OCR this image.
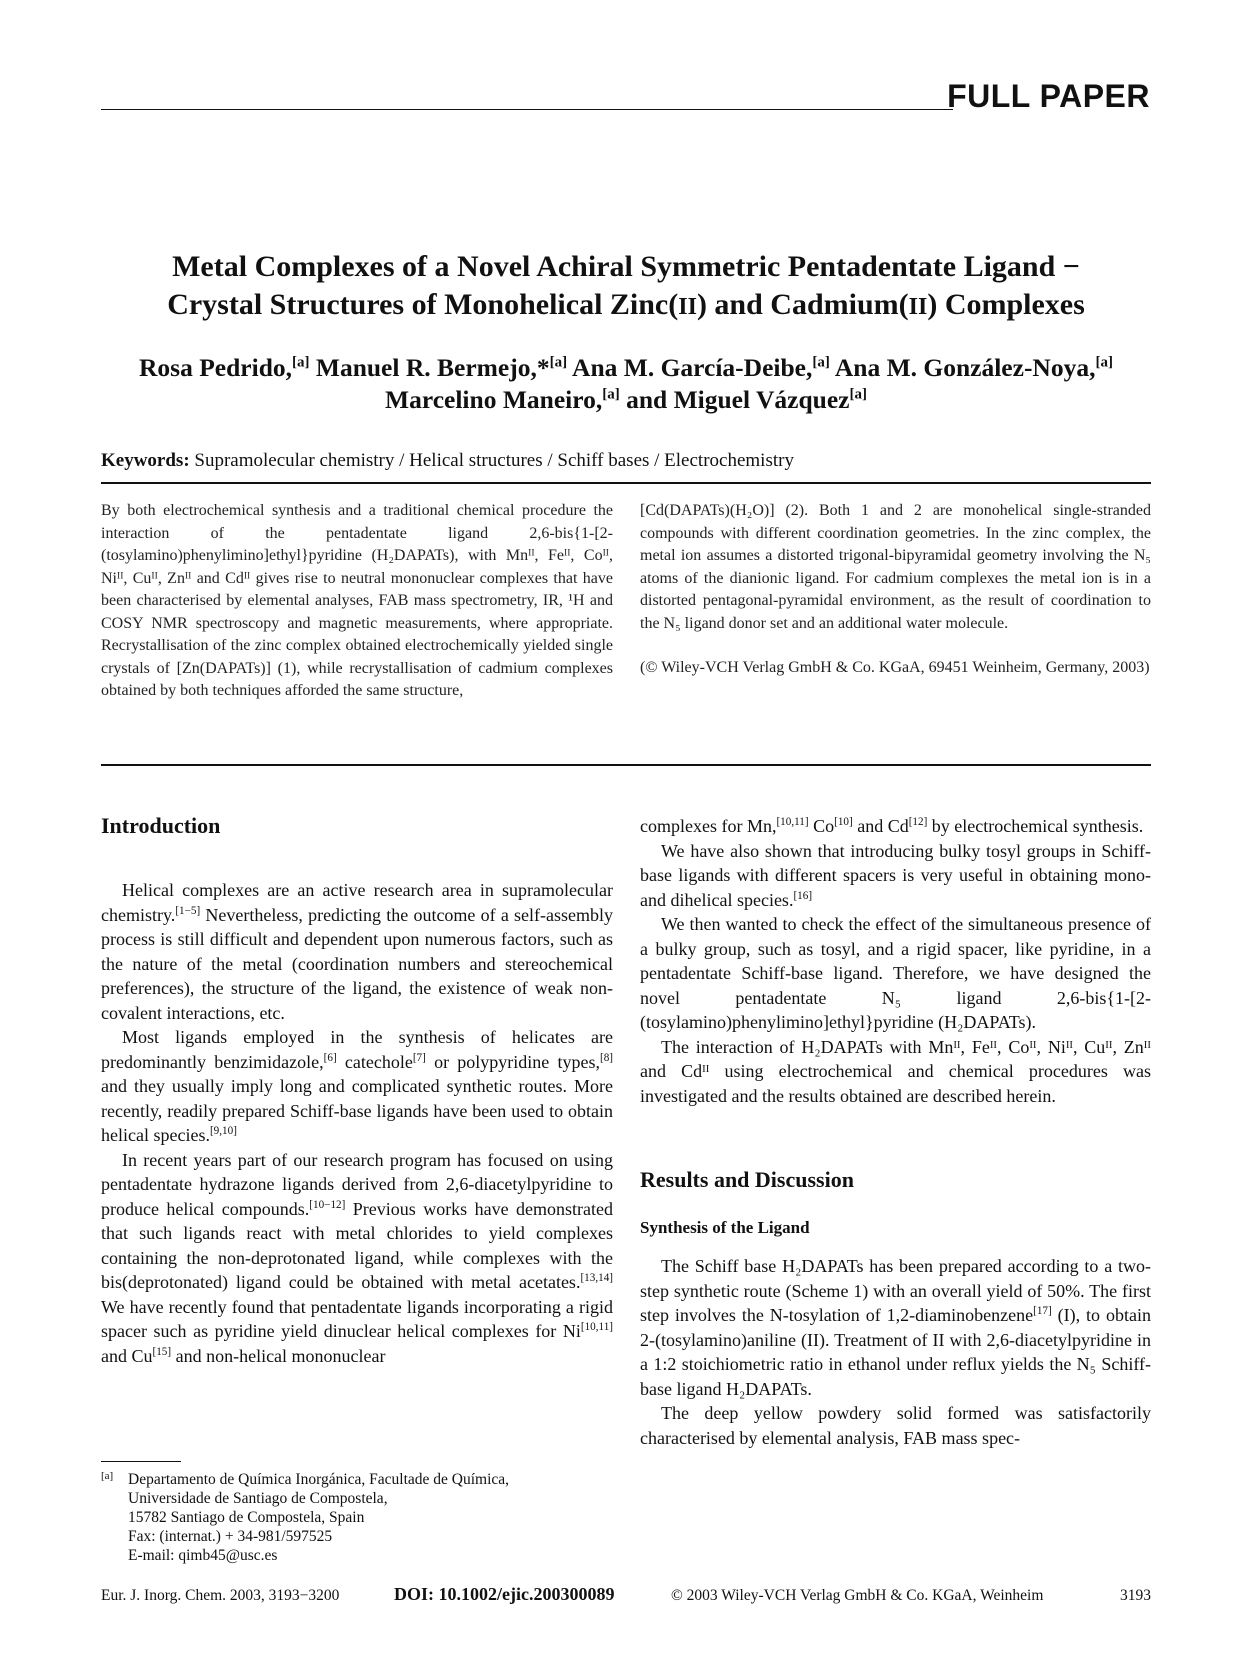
FULL PAPER
Metal Complexes of a Novel Achiral Symmetric Pentadentate Ligand −
Crystal Structures of Monohelical Zinc(II) and Cadmium(II) Complexes
Rosa Pedrido,[a] Manuel R. Bermejo,*[a] Ana M. García-Deibe,[a] Ana M. González-Noya,[a]
Marcelino Maneiro,[a] and Miguel Vázquez[a]
Keywords: Supramolecular chemistry / Helical structures / Schiff bases / Electrochemistry

By both electrochemical synthesis and a traditional chemical procedure the interaction of the pentadentate ligand 2,6-bis{1-[2-(tosylamino)phenylimino]ethyl}pyridine (H₂DAPATs), with Mnᴵᴵ, Feᴵᴵ, Coᴵᴵ, Niᴵᴵ, Cuᴵᴵ, Znᴵᴵ and Cdᴵᴵ gives rise to neutral mononuclear complexes that have been characterised by elemental analyses, FAB mass spectrometry, IR, ¹H and COSY NMR spectroscopy and magnetic measurements, where appropriate. Recrystallisation of the zinc complex obtained electrochemically yielded single crystals of [Zn(DAPATs)] (1), while recrystallisation of cadmium complexes obtained by both techniques afforded the same structure,

[Cd(DAPATs)(H₂O)] (2). Both 1 and 2 are monohelical single-stranded compounds with different coordination geometries. In the zinc complex, the metal ion assumes a distorted trigonal-bipyramidal geometry involving the N₅ atoms of the dianionic ligand. For cadmium complexes the metal ion is in a distorted pentagonal-pyramidal environment, as the result of coordination to the N₅ ligand donor set and an additional water molecule.

(© Wiley-VCH Verlag GmbH & Co. KGaA, 69451 Weinheim, Germany, 2003)

Introduction

Helical complexes are an active research area in supramolecular chemistry.[1−5] Nevertheless, predicting the outcome of a self-assembly process is still difficult and dependent upon numerous factors, such as the nature of the metal (coordination numbers and stereochemical preferences), the structure of the ligand, the existence of weak non-covalent interactions, etc.

Most ligands employed in the synthesis of helicates are predominantly benzimidazole,[6] catechole[7] or polypyridine types,[8] and they usually imply long and complicated synthetic routes. More recently, readily prepared Schiff-base ligands have been used to obtain helical species.[9,10]

In recent years part of our research program has focused on using pentadentate hydrazone ligands derived from 2,6-diacetylpyridine to produce helical compounds.[10−12] Previous works have demonstrated that such ligands react with metal chlorides to yield complexes containing the non-deprotonated ligand, while complexes with the bis(deprotonated) ligand could be obtained with metal acetates.[13,14] We have recently found that pentadentate ligands incorporating a rigid spacer such as pyridine yield dinuclear helical complexes for Ni[10,11] and Cu[15] and non-helical mononuclear

complexes for Mn,[10,11] Co[10] and Cd[12] by electrochemical synthesis.

We have also shown that introducing bulky tosyl groups in Schiff-base ligands with different spacers is very useful in obtaining mono- and dihelical species.[16]

We then wanted to check the effect of the simultaneous presence of a bulky group, such as tosyl, and a rigid spacer, like pyridine, in a pentadentate Schiff-base ligand. Therefore, we have designed the novel pentadentate N₅ ligand 2,6-bis{1-[2-(tosylamino)phenylimino]ethyl}pyridine (H₂DAPATs).

The interaction of H₂DAPATs with Mnᴵᴵ, Feᴵᴵ, Coᴵᴵ, Niᴵᴵ, Cuᴵᴵ, Znᴵᴵ and Cdᴵᴵ using electrochemical and chemical procedures was investigated and the results obtained are described herein.

Results and Discussion
Synthesis of the Ligand

The Schiff base H₂DAPATs has been prepared according to a two-step synthetic route (Scheme 1) with an overall yield of 50%. The first step involves the N-tosylation of 1,2-diaminobenzene[17] (I), to obtain 2-(tosylamino)aniline (II). Treatment of II with 2,6-diacetylpyridine in a 1:2 stoichiometric ratio in ethanol under reflux yields the N₅ Schiff-base ligand H₂DAPATs.

The deep yellow powdery solid formed was satisfactorily characterised by elemental analysis, FAB mass spec-

[a] Departamento de Química Inorgánica, Facultade de Química,
Universidade de Santiago de Compostela,
15782 Santiago de Compostela, Spain
Fax: (internat.) + 34-981/597525
E-mail: qimb45@usc.es
Eur. J. Inorg. Chem. 2003, 3193−3200	DOI: 10.1002/ejic.200300089	© 2003 Wiley-VCH Verlag GmbH & Co. KGaA, Weinheim	3193
